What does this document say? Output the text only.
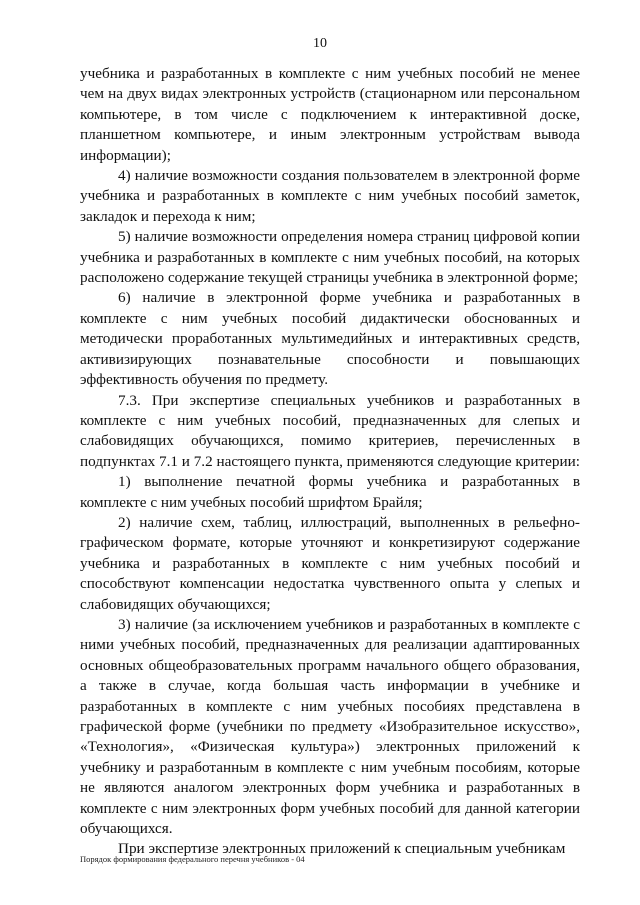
10

учебника и разработанных в комплекте с ним учебных пособий не менее чем на двух видах электронных устройств (стационарном или персональном компьютере, в том числе с подключением к интерактивной доске, планшетном компьютере, и иным электронным устройствам вывода информации);

4) наличие возможности создания пользователем в электронной форме учебника и разработанных в комплекте с ним учебных пособий заметок, закладок и перехода к ним;

5) наличие возможности определения номера страниц цифровой копии учебника и разработанных в комплекте с ним учебных пособий, на которых расположено содержание текущей страницы учебника в электронной форме;

6) наличие в электронной форме учебника и разработанных в комплекте с ним учебных пособий дидактически обоснованных и методически проработанных мультимедийных и интерактивных средств, активизирующих познавательные способности и повышающих эффективность обучения по предмету.

7.3. При экспертизе специальных учебников и разработанных в комплекте с ним учебных пособий, предназначенных для слепых и слабовидящих обучающихся, помимо критериев, перечисленных в подпунктах 7.1 и 7.2 настоящего пункта, применяются следующие критерии:

1) выполнение печатной формы учебника и разработанных в комплекте с ним учебных пособий шрифтом Брайля;

2) наличие схем, таблиц, иллюстраций, выполненных в рельефно-графическом формате, которые уточняют и конкретизируют содержание учебника и разработанных в комплекте с ним учебных пособий и способствуют компенсации недостатка чувственного опыта у слепых и слабовидящих обучающихся;

3) наличие (за исключением учебников и разработанных в комплекте с ними учебных пособий, предназначенных для реализации адаптированных основных общеобразовательных программ начального общего образования, а также в случае, когда большая часть информации в учебнике и разработанных в комплекте с ним учебных пособиях представлена в графической форме (учебники по предмету «Изобразительное искусство», «Технология», «Физическая культура») электронных приложений к учебнику и разработанным в комплекте с ним учебным пособиям, которые не являются аналогом электронных форм учебника и разработанных в комплекте с ним электронных форм учебных пособий для данной категории обучающихся.

При экспертизе электронных приложений к специальным учебникам

Порядок формирования федерального перечня учебников - 04
